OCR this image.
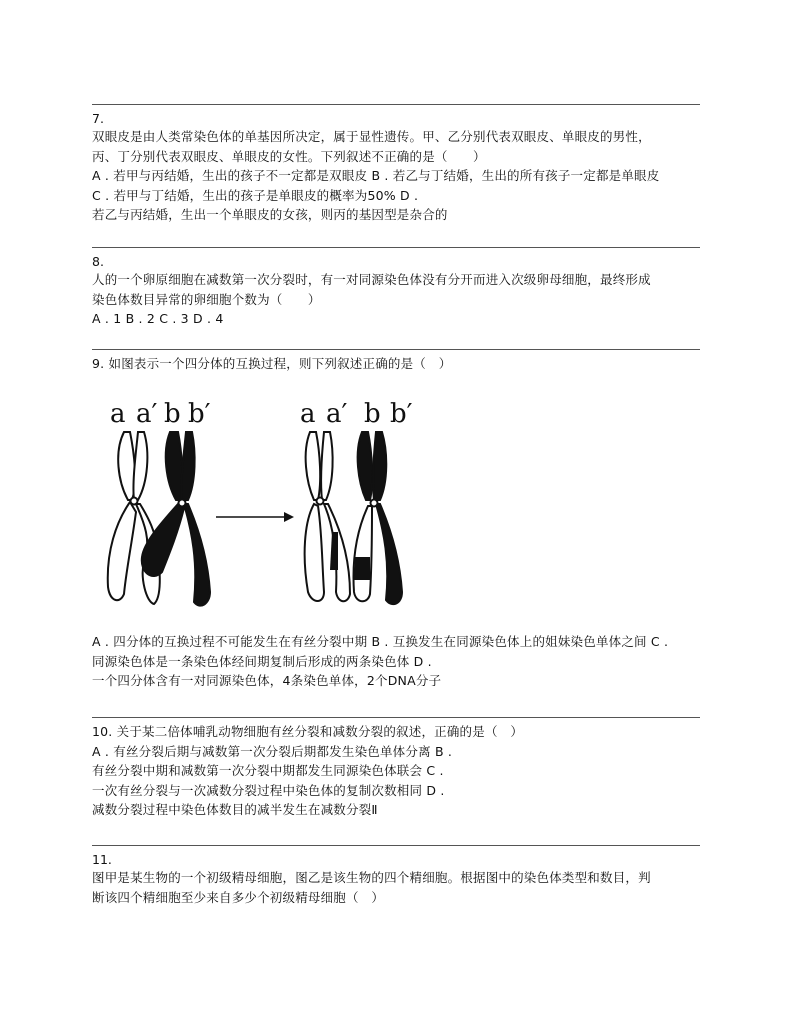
7.
双眼皮是由人类常染色体的单基因所决定，属于显性遗传。甲、乙分别代表双眼皮、单眼皮的男性，
丙、丁分别代表双眼皮、单眼皮的女性。下列叙述不正确的是（　　）
A . 若甲与丙结婚，生出的孩子不一定都是双眼皮 B . 若乙与丁结婚，生出的所有孩子一定都是单眼皮
C . 若甲与丁结婚，生出的孩子是单眼皮的概率为50% D .
若乙与丙结婚，生出一个单眼皮的女孩，则丙的基因型是杂合的
8.
人的一个卵原细胞在减数第一次分裂时，有一对同源染色体没有分开而进入次级卵母细胞，最终形成
染色体数目异常的卵细胞个数为（　　）
A . 1 B . 2 C . 3 D . 4
9. 如图表示一个四分体的互换过程，则下列叙述正确的是（　）
a a′ b b′	a a′ b b′
A . 四分体的互换过程不可能发生在有丝分裂中期 B . 互换发生在同源染色体上的姐妹染色单体之间 C .
同源染色体是一条染色体经间期复制后形成的两条染色体 D .
一个四分体含有一对同源染色体，4条染色单体，2个DNA分子
10. 关于某二倍体哺乳动物细胞有丝分裂和减数分裂的叙述，正确的是（　）
A . 有丝分裂后期与减数第一次分裂后期都发生染色单体分离 B .
有丝分裂中期和减数第一次分裂中期都发生同源染色体联会 C .
一次有丝分裂与一次减数分裂过程中染色体的复制次数相同 D .
减数分裂过程中染色体数目的减半发生在减数分裂Ⅱ
11.
图甲是某生物的一个初级精母细胞，图乙是该生物的四个精细胞。根据图中的染色体类型和数目，判
断该四个精细胞至少来自多少个初级精母细胞（　）
